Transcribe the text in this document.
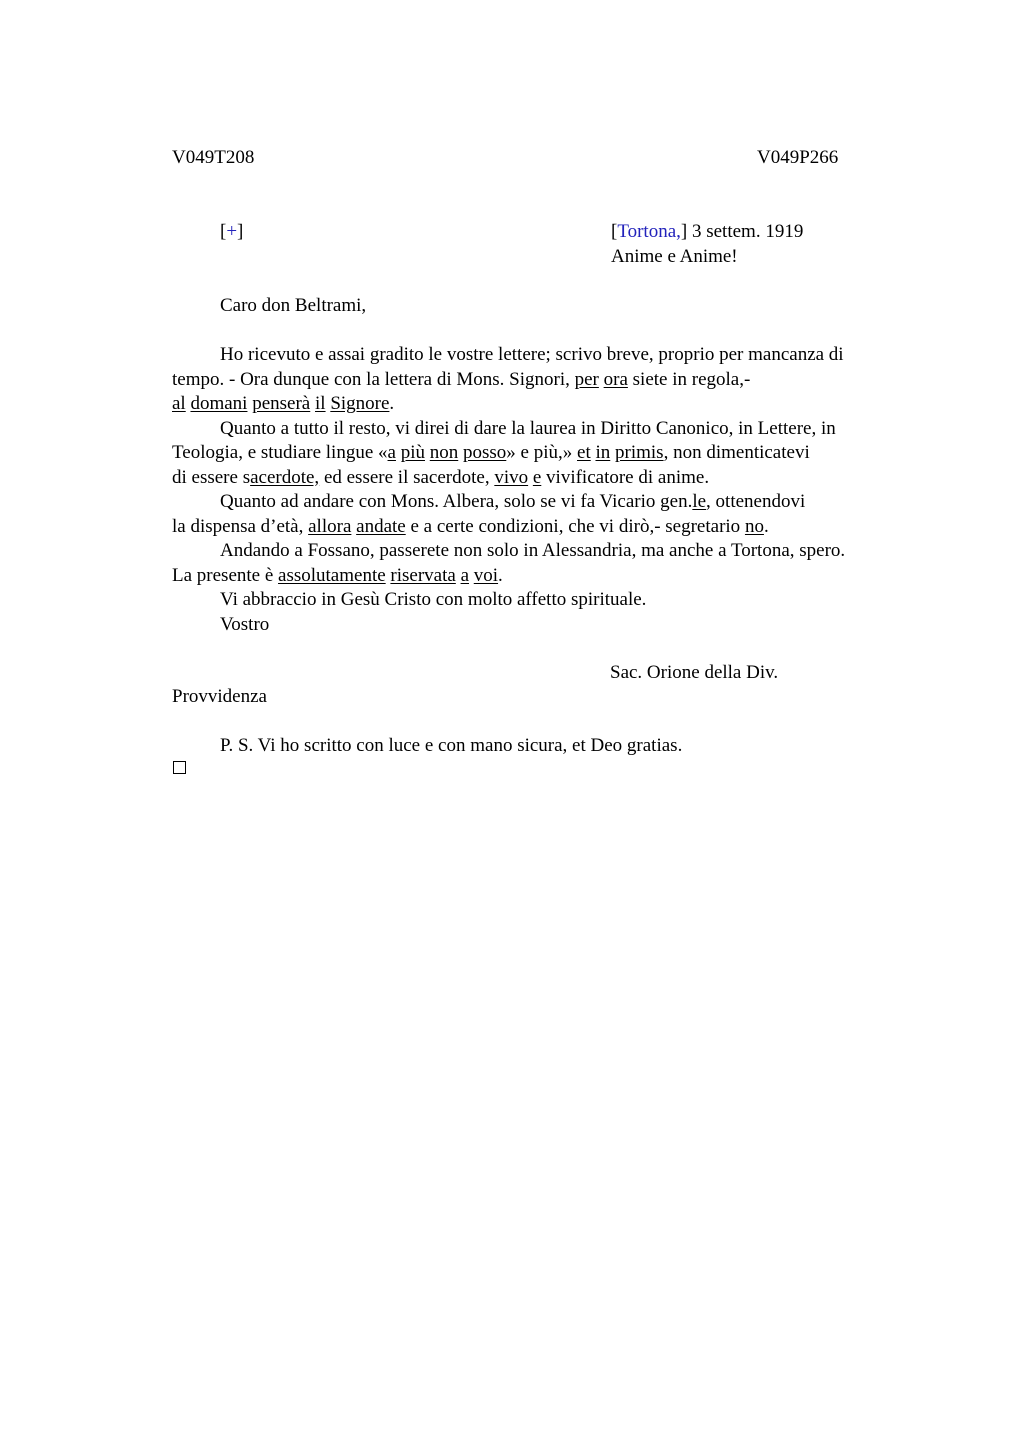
V049T208	V049P266
[+]	[Tortona,] 3 settem. 1919
Anime e Anime!
Caro don Beltrami,

Ho ricevuto e assai gradito le vostre lettere; scrivo breve, proprio per mancanza di
tempo. - Ora dunque con la lettera di Mons. Signori, per ora siete in regola,-
al domani penserà il Signore.

Quanto a tutto il resto, vi direi di dare la laurea in Diritto Canonico, in Lettere, in
Teologia, e studiare lingue «a più non posso» e più,» et in primis, non dimenticatevi
di essere sacerdote, ed essere il sacerdote, vivo e vivificatore di anime.

Quanto ad andare con Mons. Albera, solo se vi fa Vicario gen.le, ottenendovi
la dispensa d’età, allora andate e a certe condizioni, che vi dirò,- segretario no.

Andando a Fossano, passerete non solo in Alessandria, ma anche a Tortona, spero.
La presente è assolutamente riservata a voi.

Vi abbraccio in Gesù Cristo con molto affetto spirituale.

Vostro

Sac. Orione della Div.
Provvidenza
P. S. Vi ho scritto con luce e con mano sicura, et Deo gratias.
